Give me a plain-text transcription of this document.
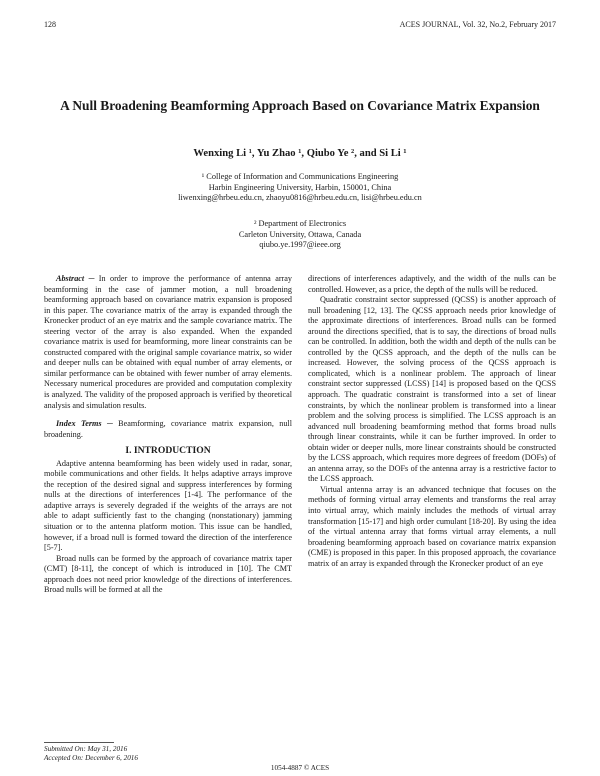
128	ACES JOURNAL, Vol. 32, No.2, February 2017
A Null Broadening Beamforming Approach Based on Covariance Matrix Expansion
Wenxing Li ¹, Yu Zhao ¹, Qiubo Ye ², and Si Li ¹
¹ College of Information and Communications Engineering
Harbin Engineering University, Harbin, 150001, China
liwenxing@hrbeu.edu.cn, zhaoyu0816@hrbeu.edu.cn, lisi@hrbeu.edu.cn
² Department of Electronics
Carleton University, Ottawa, Canada
qiubo.ye.1997@ieee.org

Abstract ─ In order to improve the performance of antenna array beamforming in the case of jammer motion, a null broadening beamforming approach based on covariance matrix expansion is proposed in this paper. The covariance matrix of the array is expanded through the Kronecker product of an eye matrix and the sample covariance matrix. The steering vector of the array is also expanded. When the expanded covariance matrix is used for beamforming, more linear constraints can be constructed compared with the original sample covariance matrix, so wider and deeper nulls can be obtained with equal number of array elements, or similar performance can be obtained with fewer number of array elements. Necessary numerical procedures are provided and computation complexity is analyzed. The validity of the proposed approach is verified by theoretical analysis and simulation results.

Index Terms ─ Beamforming, covariance matrix expansion, null broadening.

I. INTRODUCTION

Adaptive antenna beamforming has been widely used in radar, sonar, mobile communications and other fields. It helps adaptive arrays improve the reception of the desired signal and suppress interferences by forming nulls at the directions of interferences [1-4]. The performance of the adaptive arrays is severely degraded if the weights of the arrays are not able to adapt sufficiently fast to the changing (nonstationary) jamming situation or to the antenna platform motion. This issue can be handled, however, if a broad null is formed toward the direction of the interference [5-7].

Broad nulls can be formed by the approach of covariance matrix taper (CMT) [8-11], the concept of which is introduced in [10]. The CMT approach does not need prior knowledge of the directions of interferences. Broad nulls will be formed at all the

directions of interferences adaptively, and the width of the nulls can be controlled. However, as a price, the depth of the nulls will be reduced.

Quadratic constraint sector suppressed (QCSS) is another approach of null broadening [12, 13]. The QCSS approach needs prior knowledge of the approximate directions of interferences. Broad nulls can be formed around the directions specified, that is to say, the directions of broad nulls can be controlled. In addition, both the width and depth of the nulls can be controlled by the QCSS approach, and the depth of the nulls can be increased. However, the solving process of the QCSS approach is complicated, which is a nonlinear problem. The approach of linear constraint sector suppressed (LCSS) [14] is proposed based on the QCSS approach. The quadratic constraint is transformed into a set of linear constraints, by which the nonlinear problem is transformed into a linear problem and the solving process is simplified. The LCSS approach is an advanced null broadening beamforming method that forms broad nulls through linear constraints, while it can be further improved. In order to obtain wider or deeper nulls, more linear constraints should be constructed by the LCSS approach, which requires more degrees of freedom (DOFs) of an antenna array, so the DOFs of the antenna array is a restrictive factor to the LCSS approach.

Virtual antenna array is an advanced technique that focuses on the methods of forming virtual array elements and transforms the real array into virtual array, which mainly includes the methods of virtual array transformation [15-17] and high order cumulant [18-20]. By using the idea of the virtual antenna array that forms virtual array elements, a null broadening beamforming approach based on covariance matrix expansion (CME) is proposed in this paper. In this proposed approach, the covariance matrix of an array is expanded through the Kronecker product of an eye

Submitted On: May 31, 2016
Accepted On: December 6, 2016
1054-4887 © ACES
